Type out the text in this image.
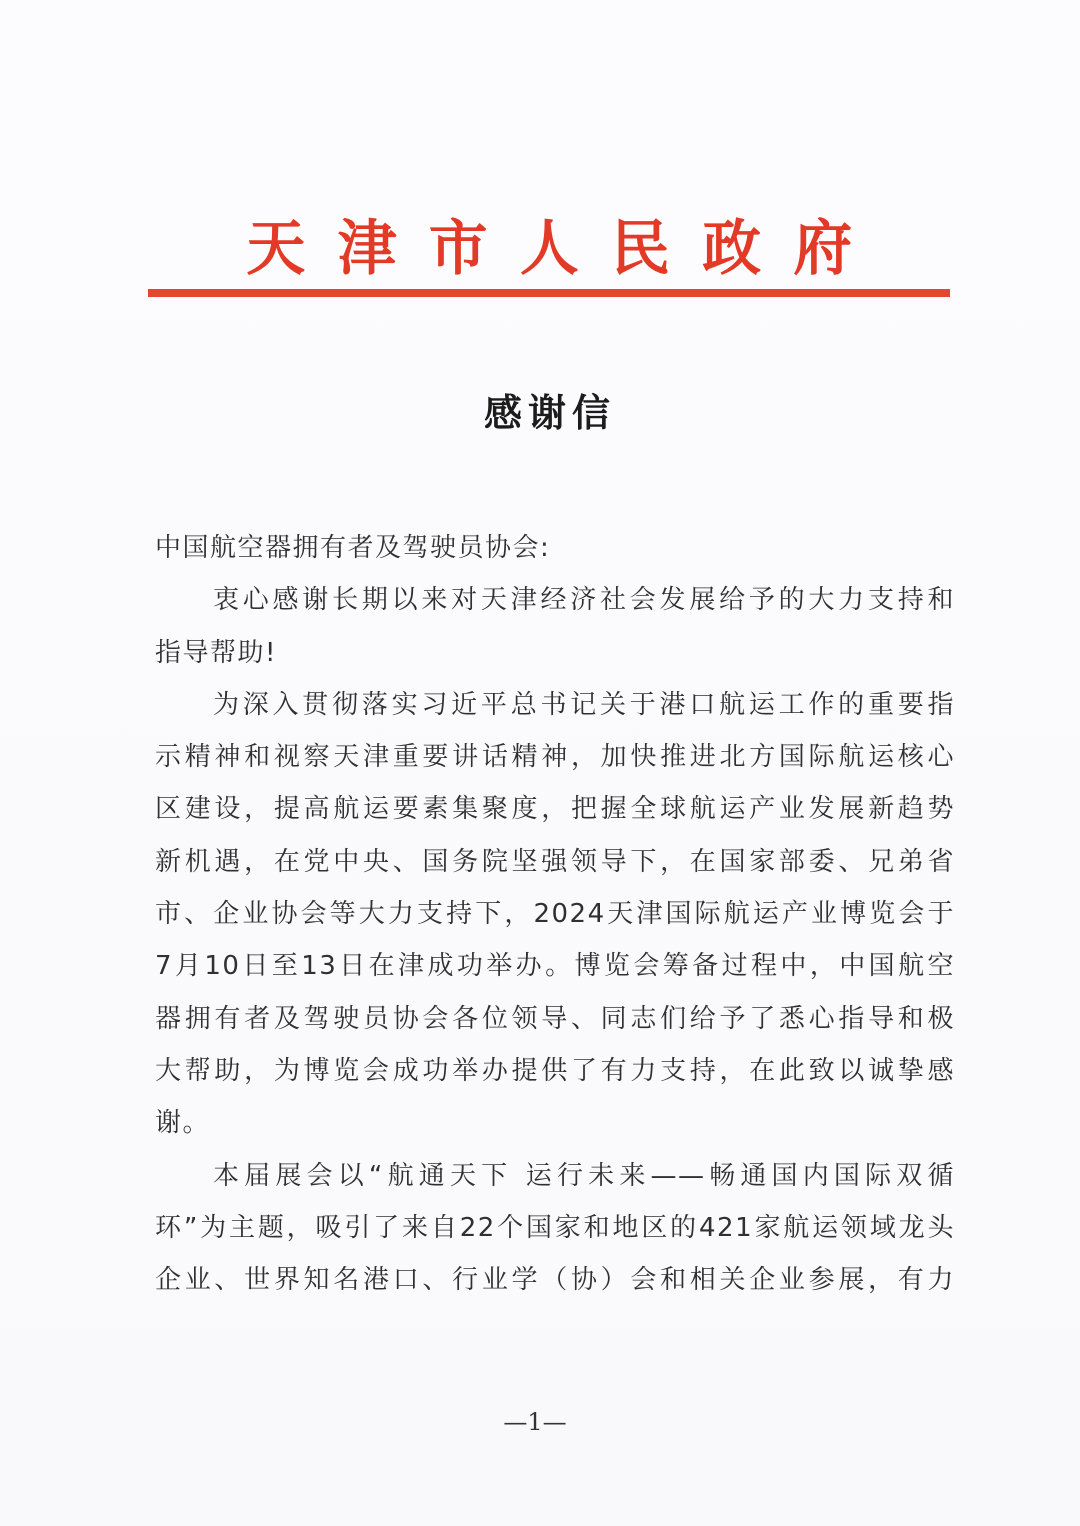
天津市人民政府
感谢信
中国航空器拥有者及驾驶员协会:
衷心感谢长期以来对天津经济社会发展给予的大力支持和
指导帮助!
为深入贯彻落实习近平总书记关于港口航运工作的重要指
示精神和视察天津重要讲话精神，加快推进北方国际航运核心
区建设，提高航运要素集聚度，把握全球航运产业发展新趋势
新机遇，在党中央、国务院坚强领导下，在国家部委、兄弟省
市、企业协会等大力支持下，2024天津国际航运产业博览会于
7月10日至13日在津成功举办。博览会筹备过程中，中国航空
器拥有者及驾驶员协会各位领导、同志们给予了悉心指导和极
大帮助，为博览会成功举办提供了有力支持，在此致以诚挚感
谢。
本届展会以“航通天下 运行未来——畅通国内国际双循
环”为主题，吸引了来自22个国家和地区的421家航运领域龙头
企业、世界知名港口、行业学（协）会和相关企业参展，有力
—1—
